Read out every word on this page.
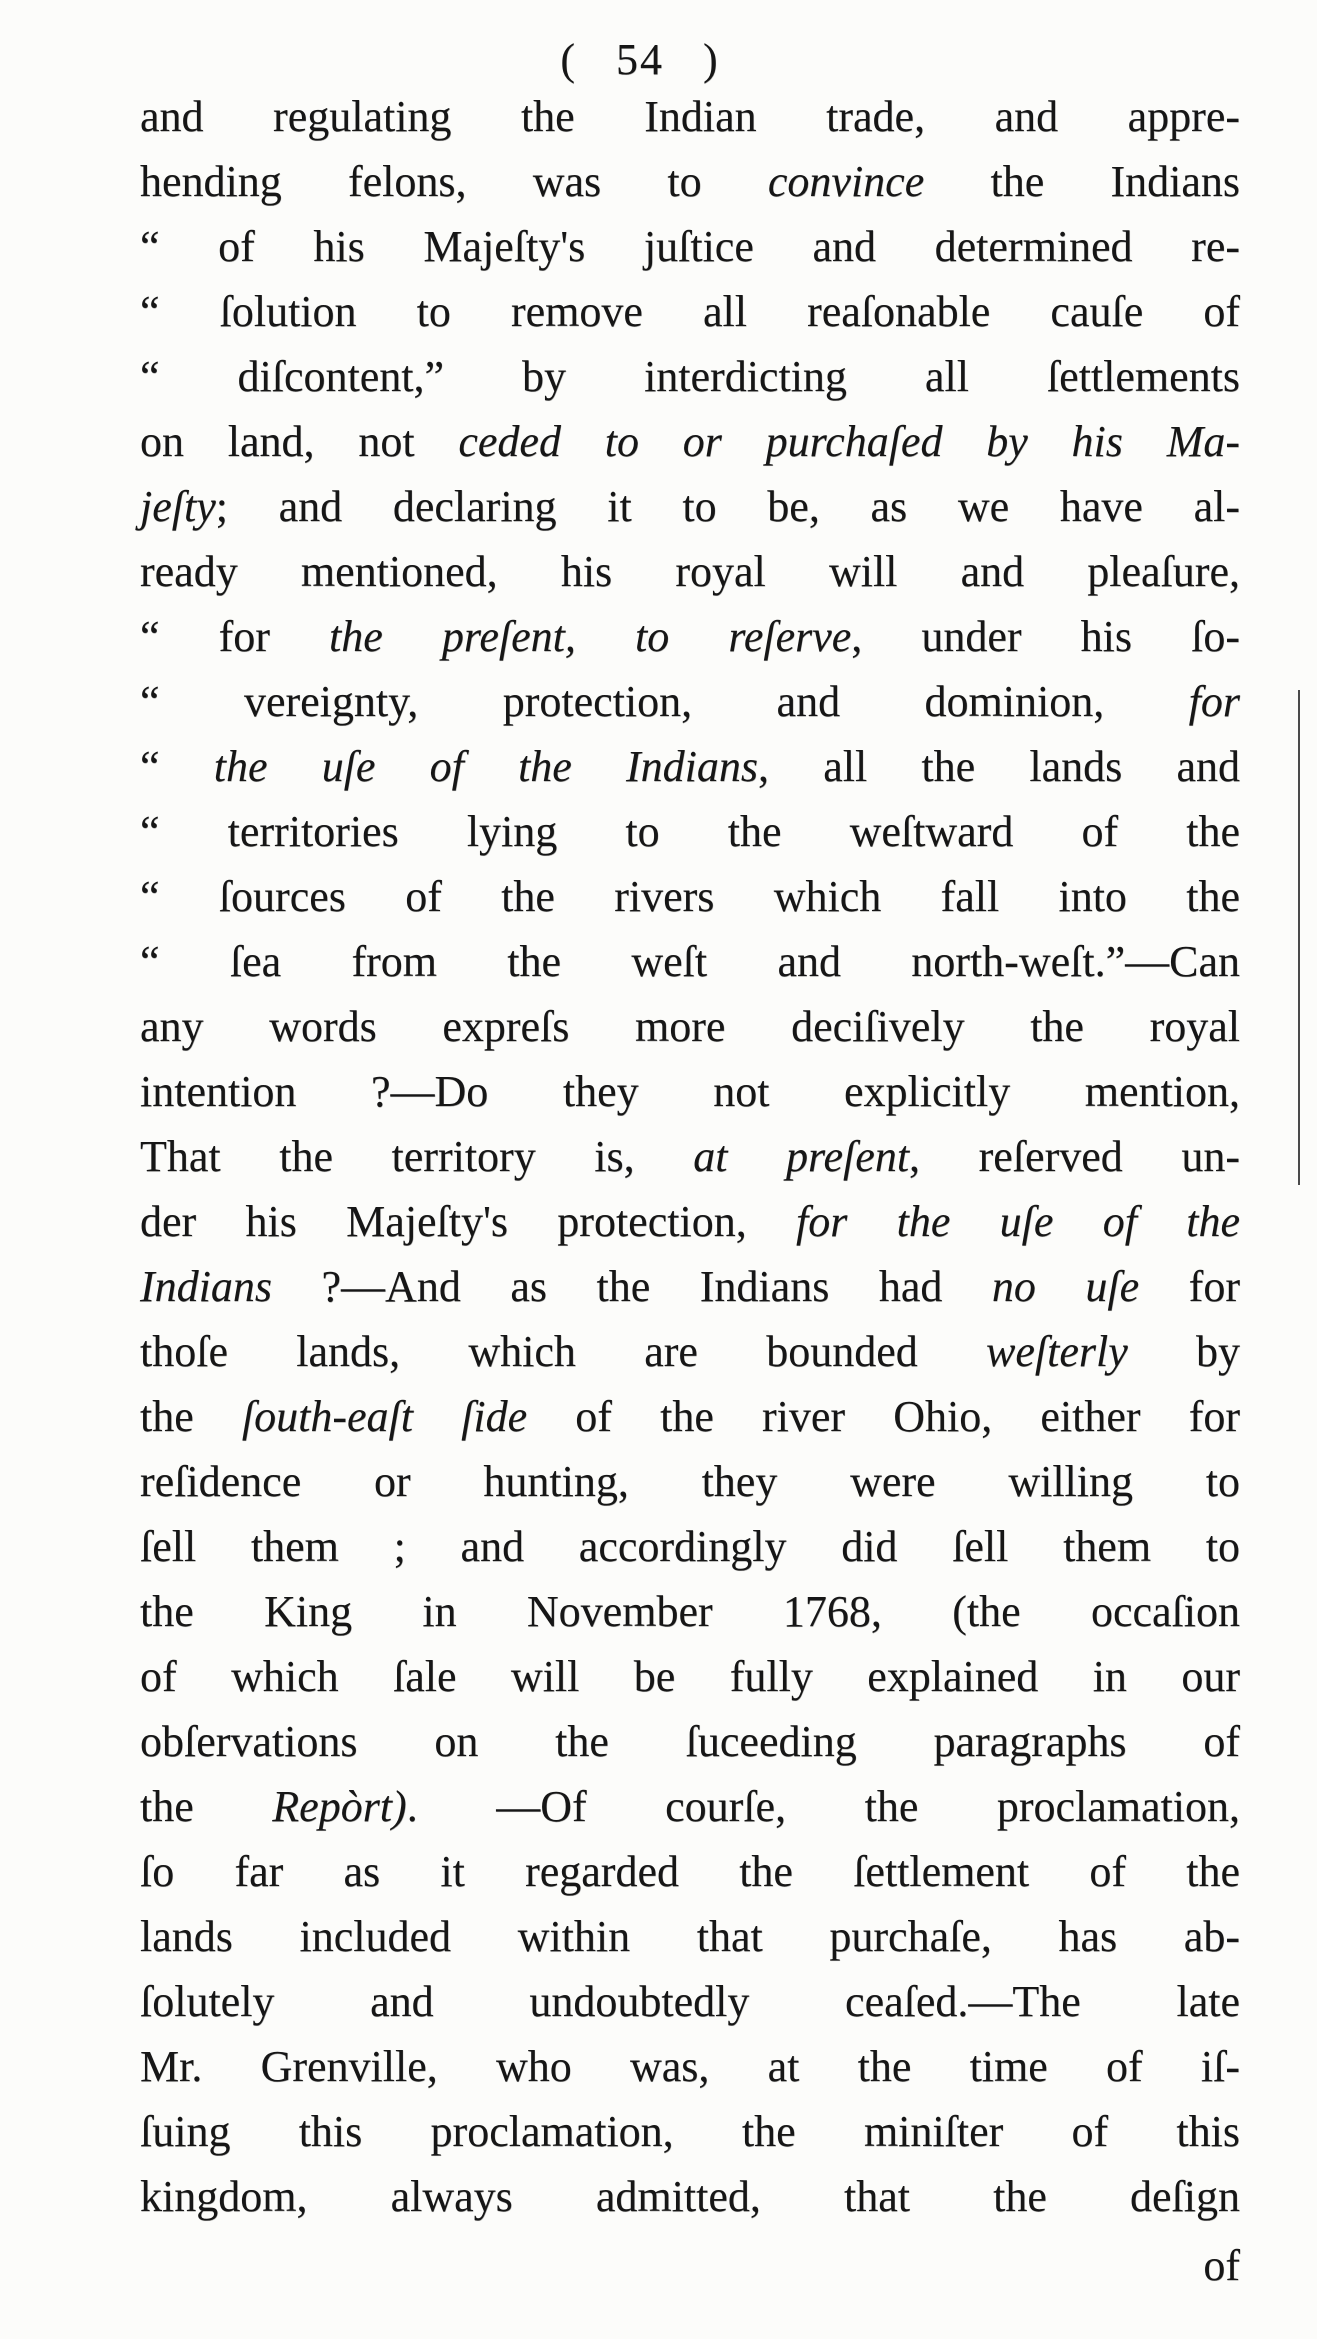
( 54 )
and regulating the Indian trade, and appre-
hending felons, was to convince the Indians
“ of his Majeſty's juſtice and determined re-
“ ſolution to remove all reaſonable cauſe of
“ diſcontent,” by interdicting all ſettlements
on land, not ceded to or purchaſed by his Ma-
jeſty; and declaring it to be, as we have al-
ready mentioned, his royal will and pleaſure,
“ for the preſent, to reſerve, under his ſo-
“ vereignty, protection, and dominion, for
“ the uſe of the Indians, all the lands and
“ territories lying to the weſtward of the
“ ſources of the rivers which fall into the
“ ſea from the weſt and north-weſt.”—Can
any words expreſs more deciſively the royal
intention ?—Do they not explicitly mention,
That the territory is, at preſent, reſerved un-
der his Majeſty's protection, for the uſe of the
Indians ?—And as the Indians had no uſe for
thoſe lands, which are bounded weſterly by
the ſouth-eaſt ſide of the river Ohio, either for
reſidence or hunting, they were willing to
ſell them ; and accordingly did ſell them to
the King in November 1768, (the occaſion
of which ſale will be fully explained in our
obſervations on the ſuceeding paragraphs of
the Repòrt). —Of courſe, the proclamation,
ſo far as it regarded the ſettlement of the
lands included within that purchaſe, has ab-
ſolutely and undoubtedly ceaſed.—The late
Mr. Grenville, who was, at the time of iſ-
ſuing this proclamation, the miniſter of this
kingdom, always admitted, that the deſign
of
